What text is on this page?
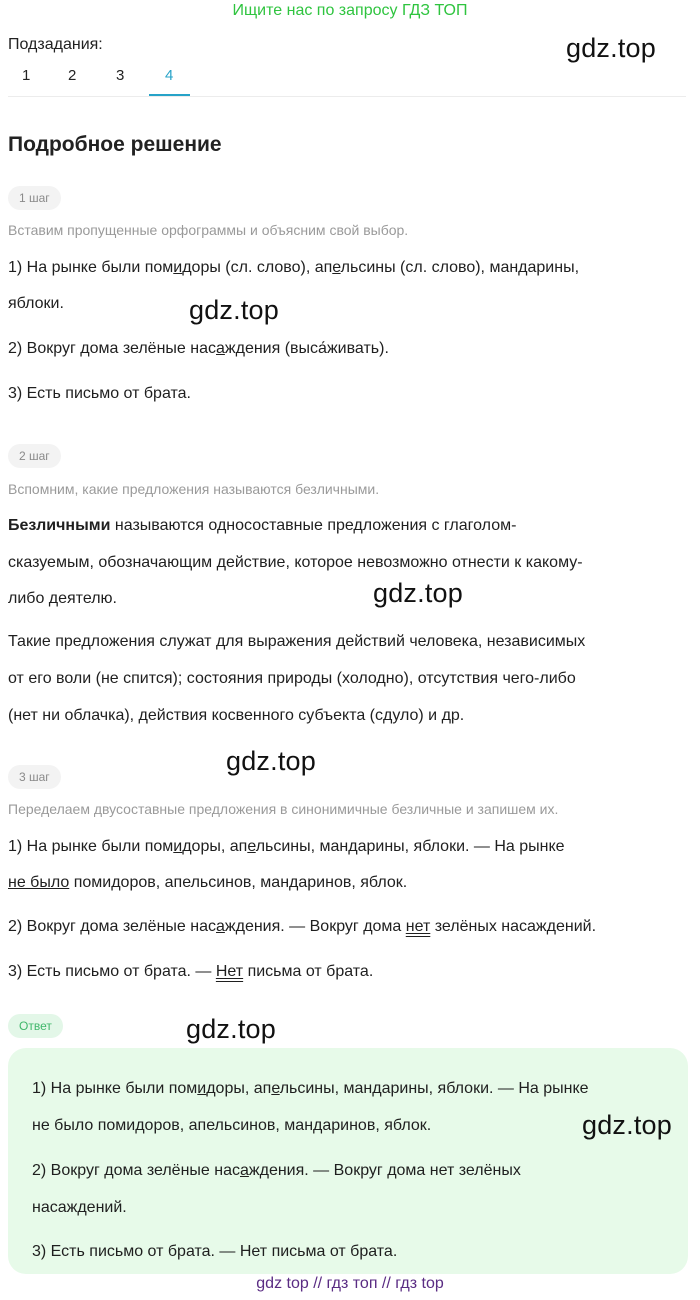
Ищите нас по запросу ГДЗ ТОП
Подзадания:
1	2	3	4
gdz.top
Подробное решение
1 шаг
Вставим пропущенные орфограммы и объясним свой выбор.
1) На рынке были помидоры (сл. слово), апельсины (сл. слово), мандарины,
яблоки.	gdz.top
2) Вокруг дома зелёные насаждения (выса́живать).
3) Есть письмо от брата.
2 шаг
Вспомним, какие предложения называются безличными.
Безличными называются односоставные предложения с глаголом-
сказуемым, обозначающим действие, которое невозможно отнести к какому-
либо деятелю.	gdz.top
Такие предложения служат для выражения действий человека, независимых
от его воли (не спится); состояния природы (холодно), отсутствия чего-либо
(нет ни облачка), действия косвенного субъекта (сдуло) и др.
gdz.top
3 шаг
Переделаем двусоставные предложения в синонимичные безличные и запишем их.
1) На рынке были помидоры, апельсины, мандарины, яблоки. — На рынке
не было помидоров, апельсинов, мандаринов, яблок.
2) Вокруг дома зелёные насаждения. — Вокруг дома нет зелёных насаждений.
3) Есть письмо от брата. — Нет письма от брата.
Ответ	gdz.top
1) На рынке были помидоры, апельсины, мандарины, яблоки. — На рынке
не было помидоров, апельсинов, мандаринов, яблок.	gdz.top
2) Вокруг дома зелёные насаждения. — Вокруг дома нет зелёных
насаждений.
3) Есть письмо от брата. — Нет письма от брата.
gdz top // гдз топ // гдз top
